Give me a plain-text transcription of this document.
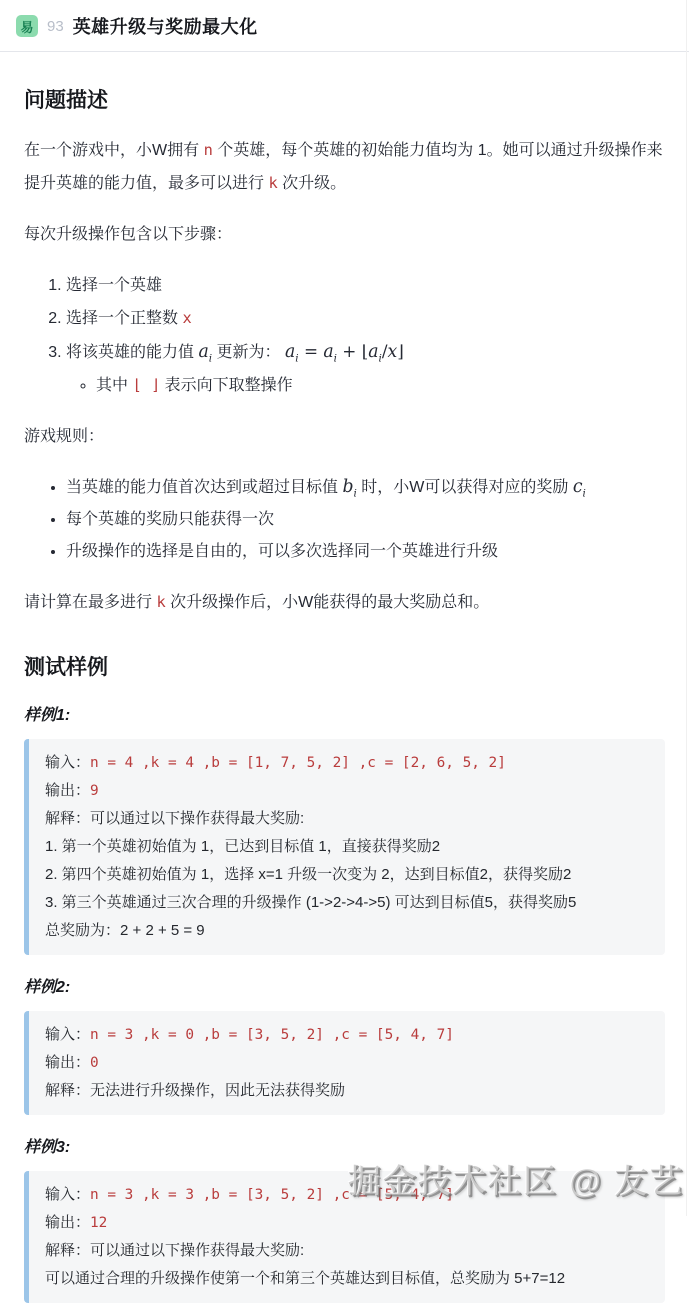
易 93 英雄升级与奖励最大化
问题描述

在一个游戏中，小W拥有 n 个英雄，每个英雄的初始能力值均为 1。她可以通过升级操作来提升英雄的能力值，最多可以进行 k 次升级。

每次升级操作包含以下步骤：

1. 选择一个英雄
2. 选择一个正整数 x
3. 将该英雄的能力值 $a_i$ 更新为： $a_i = a_i$ + $⌊a_i/x⌋$
◦ 其中 ⌊ ⌋ 表示向下取整操作

游戏规则：

• 当英雄的能力值首次达到或超过目标值 $b_i$ 时，小W可以获得对应的奖励 $c_i$
• 每个英雄的奖励只能获得一次
• 升级操作的选择是自由的，可以多次选择同一个英雄进行升级

请计算在最多进行 k 次升级操作后，小W能获得的最大奖励总和。

测试样例
样例1:
输入：n = 4 ,k = 4 ,b = [1, 7, 5, 2] ,c = [2, 6, 5, 2]
输出：9
解释：可以通过以下操作获得最大奖励:
1. 第一个英雄初始值为 1，已达到目标值 1，直接获得奖励2
2. 第四个英雄初始值为 1，选择 x=1 升级一次变为 2，达到目标值2，获得奖励2
3. 第三个英雄通过三次合理的升级操作 (1->2->4->5) 可达到目标值5，获得奖励5
总奖励为：2 + 2 + 5 = 9
样例2:
输入：n = 3 ,k = 0 ,b = [3, 5, 2] ,c = [5, 4, 7]
输出：0
解释：无法进行升级操作，因此无法获得奖励
样例3:
输入：n = 3 ,k = 3 ,b = [3, 5, 2] ,c = [5, 4, 7]
输出：12
解释：可以通过以下操作获得最大奖励:
可以通过合理的升级操作使第一个和第三个英雄达到目标值，总奖励为 5+7=12
掘金技术社区 @ 友艺
